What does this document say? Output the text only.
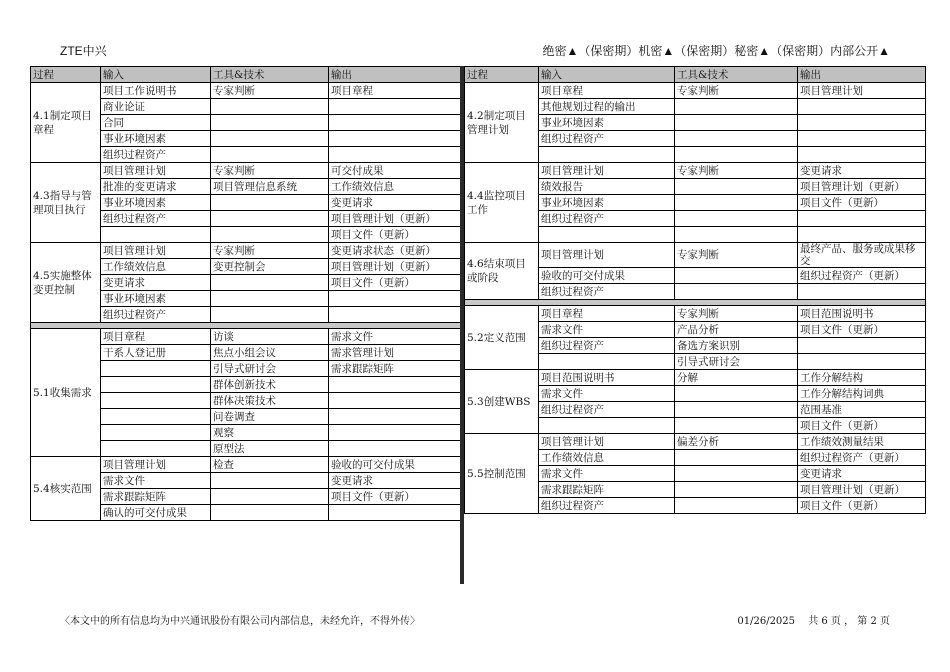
ZTE中兴	绝密▲（保密期）机密▲（保密期）秘密▲（保密期）内部公开▲
过程	输入	工具&技术	输出
4.1制定项目章程	项目工作说明书	专家判断	项目章程
	商业论证		
	合同		
	事业环境因素		
	组织过程资产		
4.3指导与管理项目执行	项目管理计划	专家判断	可交付成果
	批准的变更请求	项目管理信息系统	工作绩效信息
	事业环境因素		变更请求
	组织过程资产		项目管理计划（更新）
			项目文件（更新）
4.5实施整体变更控制	项目管理计划	专家判断	变更请求状态（更新）
	工作绩效信息	变更控制会	项目管理计划（更新）
	变更请求		项目文件（更新）
	事业环境因素		
	组织过程资产		

5.1收集需求	项目章程	访谈	需求文件
	干系人登记册	焦点小组会议	需求管理计划
		引导式研讨会	需求跟踪矩阵
		群体创新技术	
		群体决策技术	
		问卷调查	
		观察	
		原型法	
5.4核实范围	项目管理计划	检查	验收的可交付成果
	需求文件		变更请求
	需求跟踪矩阵		项目文件（更新）
	确认的可交付成果		
过程	输入	工具&技术	输出
4.2制定项目管理计划	项目章程	专家判断	项目管理计划
	其他规划过程的输出		
	事业环境因素		
	组织过程资产		

4.4监控项目工作	项目管理计划	专家判断	变更请求
	绩效报告		项目管理计划（更新）
	事业环境因素		项目文件（更新）
	组织过程资产		

4.6结束项目或阶段	项目管理计划	专家判断	最终产品、服务或成果移交
	验收的可交付成果		组织过程资产（更新）
	组织过程资产		

5.2定义范围	项目章程	专家判断	项目范围说明书
	需求文件	产品分析	项目文件（更新）
	组织过程资产	备选方案识别	
		引导式研讨会	
5.3创建WBS	项目范围说明书	分解	工作分解结构
	需求文件		工作分解结构词典
	组织过程资产		范围基准
			项目文件（更新）
5.5控制范围	项目管理计划	偏差分析	工作绩效测量结果
	工作绩效信息		组织过程资产（更新）
	需求文件		变更请求
	需求跟踪矩阵		项目管理计划（更新）
	组织过程资产		项目文件（更新）
〈本文中的所有信息均为中兴通讯股份有限公司内部信息，未经允许，不得外传〉	01/26/2025　 共 6 页 ， 第 2 页
